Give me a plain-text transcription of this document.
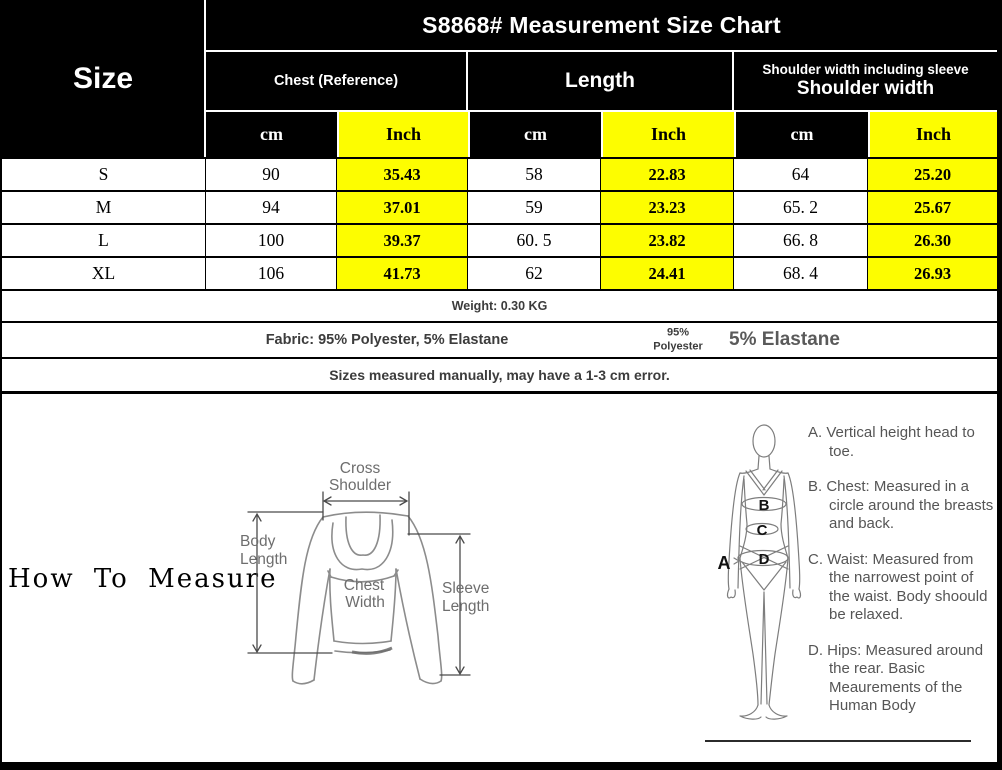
Size
S8868# Measurement Size Chart
Chest (Reference)	Length	Shoulder width including sleeve
Shoulder width
cm	Inch	cm	Inch	cm	Inch
S	90	35.43	58	22.83	64	25.20
M	94	37.01	59	23.23	65. 2	25.67
L	100	39.37	60. 5	23.82	66. 8	26.30
XL	106	41.73	62	24.41	68. 4	26.93
Weight: 0.30 KG
Fabric: 95% Polyester, 5% Elastane	95%
Polyester	5% Elastane
Sizes measured manually, may have a 1-3 cm error.
How To Measure
Cross
Shoulder
Body
Length
Chest
Width
Sleeve
Length
A
B
C
D

A. Vertical height head to toe.

B. Chest: Measured in a circle around the breasts and back.

C. Waist: Measured from the narrowest point of the waist. Body shoould be relaxed.

D. Hips: Measured around the rear. Basic Meaurements of the Human Body
